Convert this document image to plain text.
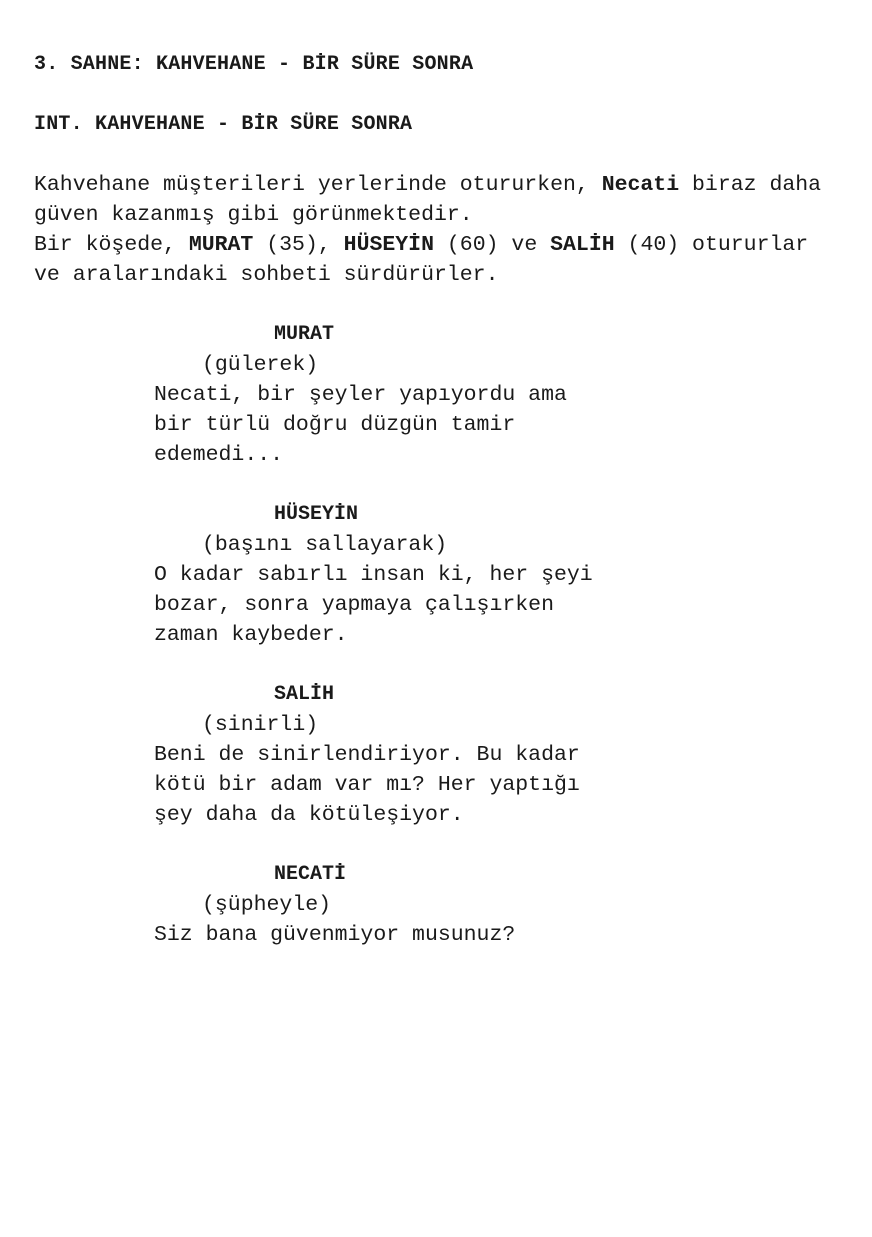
3. SAHNE: KAHVEHANE - BİR SÜRE SONRA
INT. KAHVEHANE - BİR SÜRE SONRA
Kahvehane müşterileri yerlerinde otururken, Necati biraz daha
güven kazanmış gibi görünmektedir.
Bir köşede, MURAT (35), HÜSEYİN (60) ve SALİH (40) otururlar
ve aralarındaki sohbeti sürdürürler.
MURAT
(gülerek)
Necati, bir şeyler yapıyordu ama
bir türlü doğru düzgün tamir
edemedi...
HÜSEYİN
(başını sallayarak)
O kadar sabırlı insan ki, her şeyi
bozar, sonra yapmaya çalışırken
zaman kaybeder.
SALİH
(sinirli)
Beni de sinirlendiriyor. Bu kadar
kötü bir adam var mı? Her yaptığı
şey daha da kötüleşiyor.
NECATİ
(şüpheyle)
Siz bana güvenmiyor musunuz?
